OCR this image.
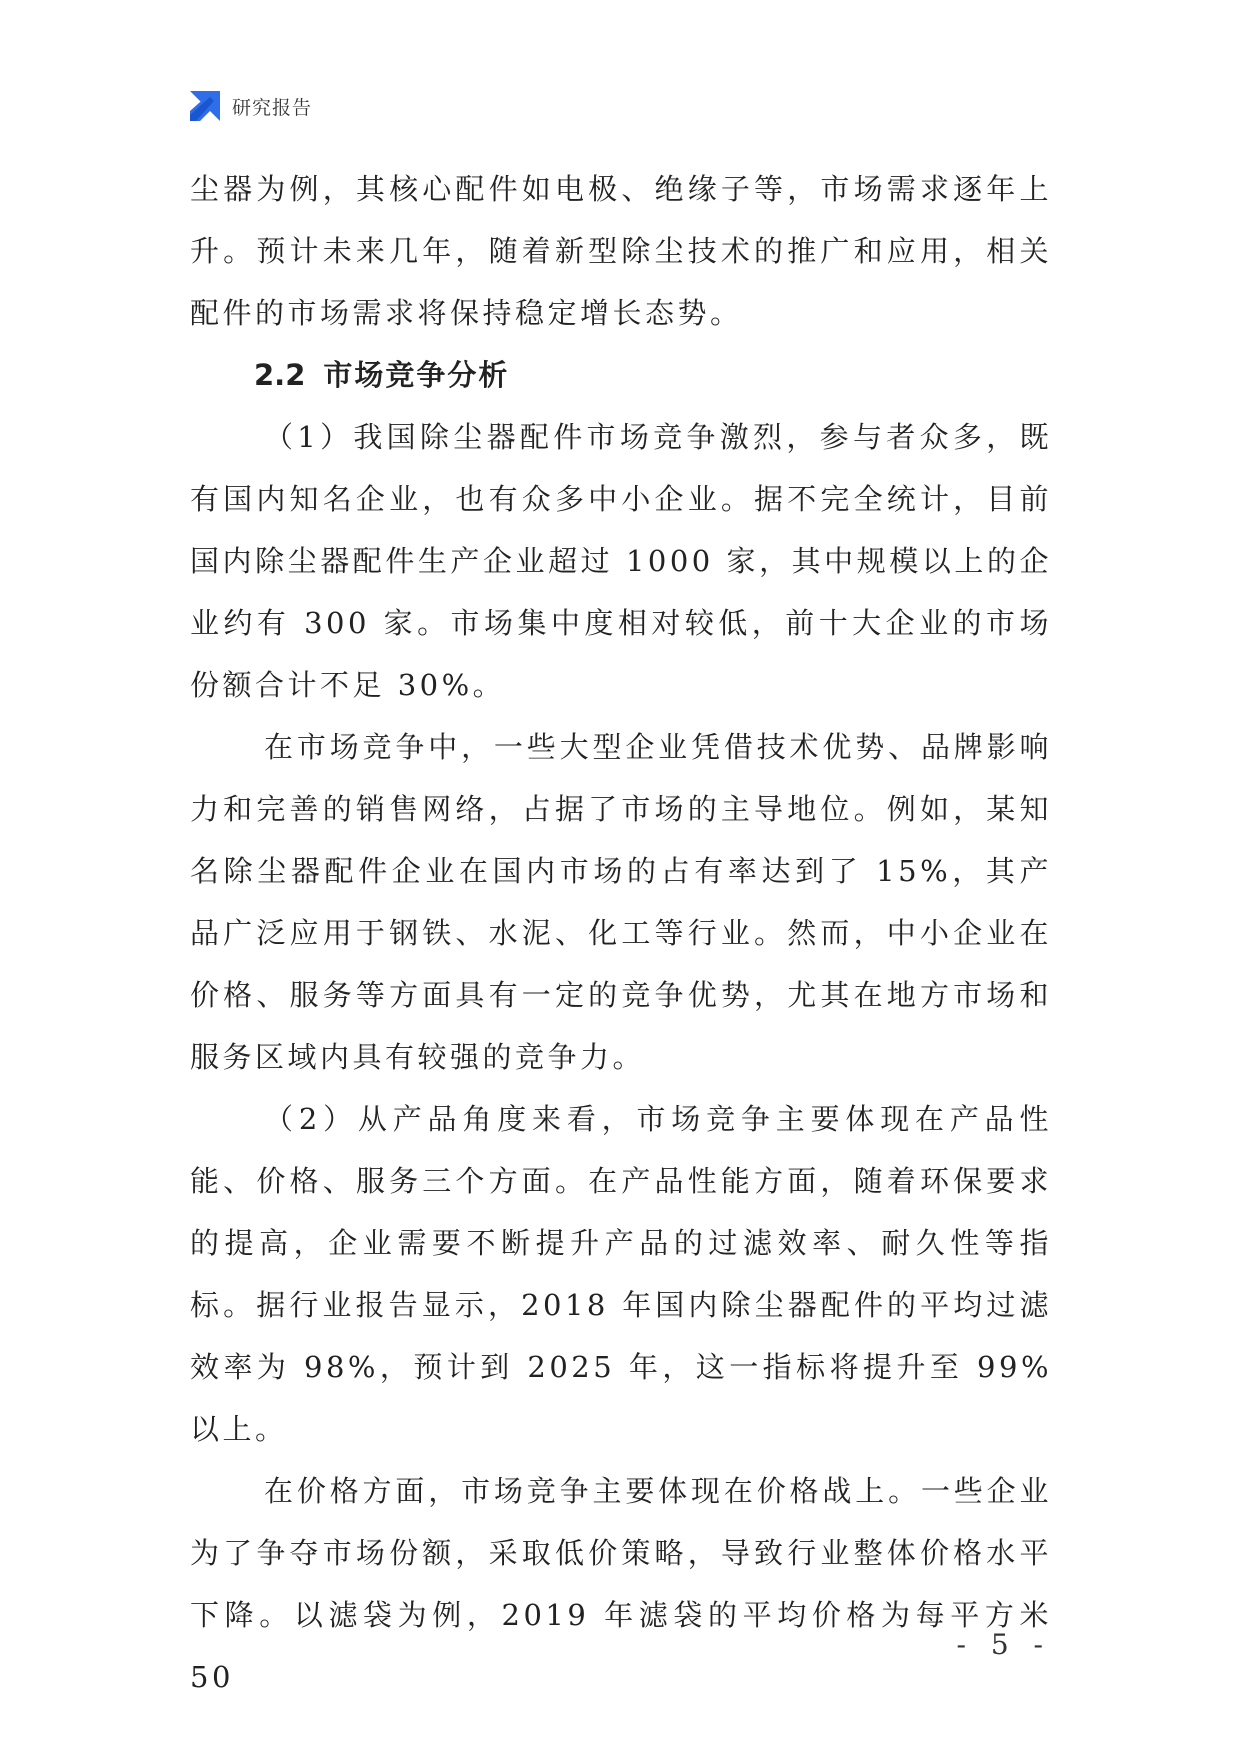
研究报告

尘器为例，其核心配件如电极、绝缘子等，市场需求逐年上升。预计未来几年，随着新型除尘技术的推广和应用，相关配件的市场需求将保持稳定增长态势。

2.2 市场竞争分析

（1）我国除尘器配件市场竞争激烈，参与者众多，既有国内知名企业，也有众多中小企业。据不完全统计，目前国内除尘器配件生产企业超过 1000 家，其中规模以上的企业约有 300 家。市场集中度相对较低，前十大企业的市场份额合计不足 30%。

在市场竞争中，一些大型企业凭借技术优势、品牌影响力和完善的销售网络，占据了市场的主导地位。例如，某知名除尘器配件企业在国内市场的占有率达到了 15%，其产品广泛应用于钢铁、水泥、化工等行业。然而，中小企业在价格、服务等方面具有一定的竞争优势，尤其在地方市场和服务区域内具有较强的竞争力。

（2）从产品角度来看，市场竞争主要体现在产品性能、价格、服务三个方面。在产品性能方面，随着环保要求的提高，企业需要不断提升产品的过滤效率、耐久性等指标。据行业报告显示，2018 年国内除尘器配件的平均过滤效率为 98%，预计到 2025 年，这一指标将提升至 99%以上。

在价格方面，市场竞争主要体现在价格战上。一些企业为了争夺市场份额，采取低价策略，导致行业整体价格水平下降。以滤袋为例，2019 年滤袋的平均价格为每平方米 50

- 5 -
